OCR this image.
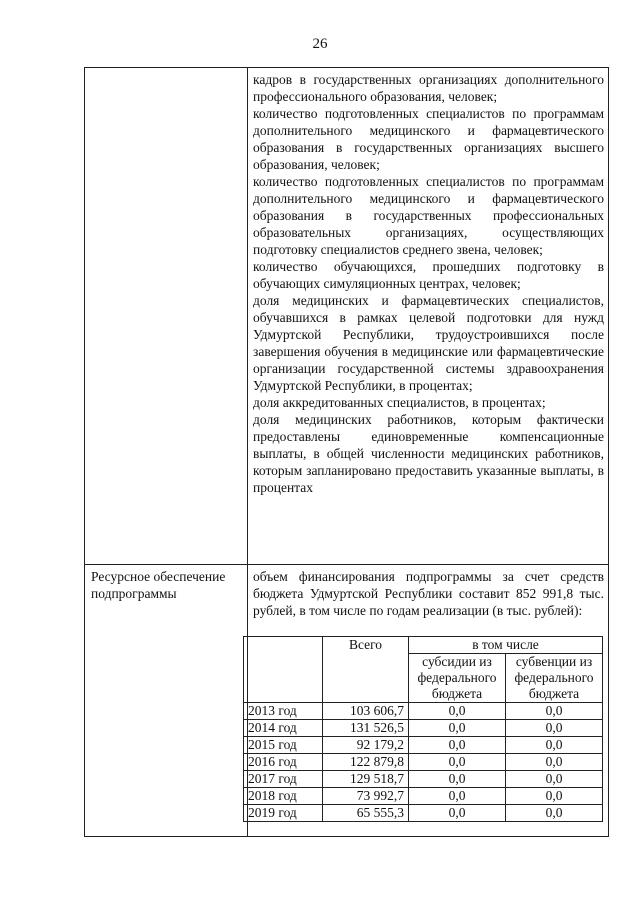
26

кадров в государственных организациях дополнительного профессионального образования, человек;

количество подготовленных специалистов по программам дополнительного медицинского и фармацевтического образования в государственных организациях высшего образования, человек;

количество подготовленных специалистов по программам дополнительного медицинского и фармацевтического образования в государственных профессиональных образовательных организациях, осуществляющих подготовку специалистов среднего звена, человек;

количество обучающихся, прошедших подготовку в обучающих симуляционных центрах, человек;

доля медицинских и фармацевтических специалистов, обучавшихся в рамках целевой подготовки для нужд Удмуртской Республики, трудоустроившихся после завершения обучения в медицинские или фармацевтические организации государственной системы здравоохранения Удмуртской Республики, в процентах;

доля аккредитованных специалистов, в процентах;

доля медицинских работников, которым фактически предоставлены единовременные компенсационные выплаты, в общей численности медицинских работников, которым запланировано предоставить указанные выплаты, в процентах

Ресурсное обеспечение подпрограммы

объем финансирования подпрограммы за счет средств бюджета Удмуртской Республики составит 852 991,8 тыс. рублей, в том числе по годам реализации (в тыс. рублей):

	Всего	в том числе	
		субсидии из федерального бюджета	субвенции из федерального бюджета
2013 год	103 606,7	0,0	0,0
2014 год	131 526,5	0,0	0,0
2015 год	92 179,2	0,0	0,0
2016 год	122 879,8	0,0	0,0
2017 год	129 518,7	0,0	0,0
2018 год	73 992,7	0,0	0,0
2019 год	65 555,3	0,0	0,0
